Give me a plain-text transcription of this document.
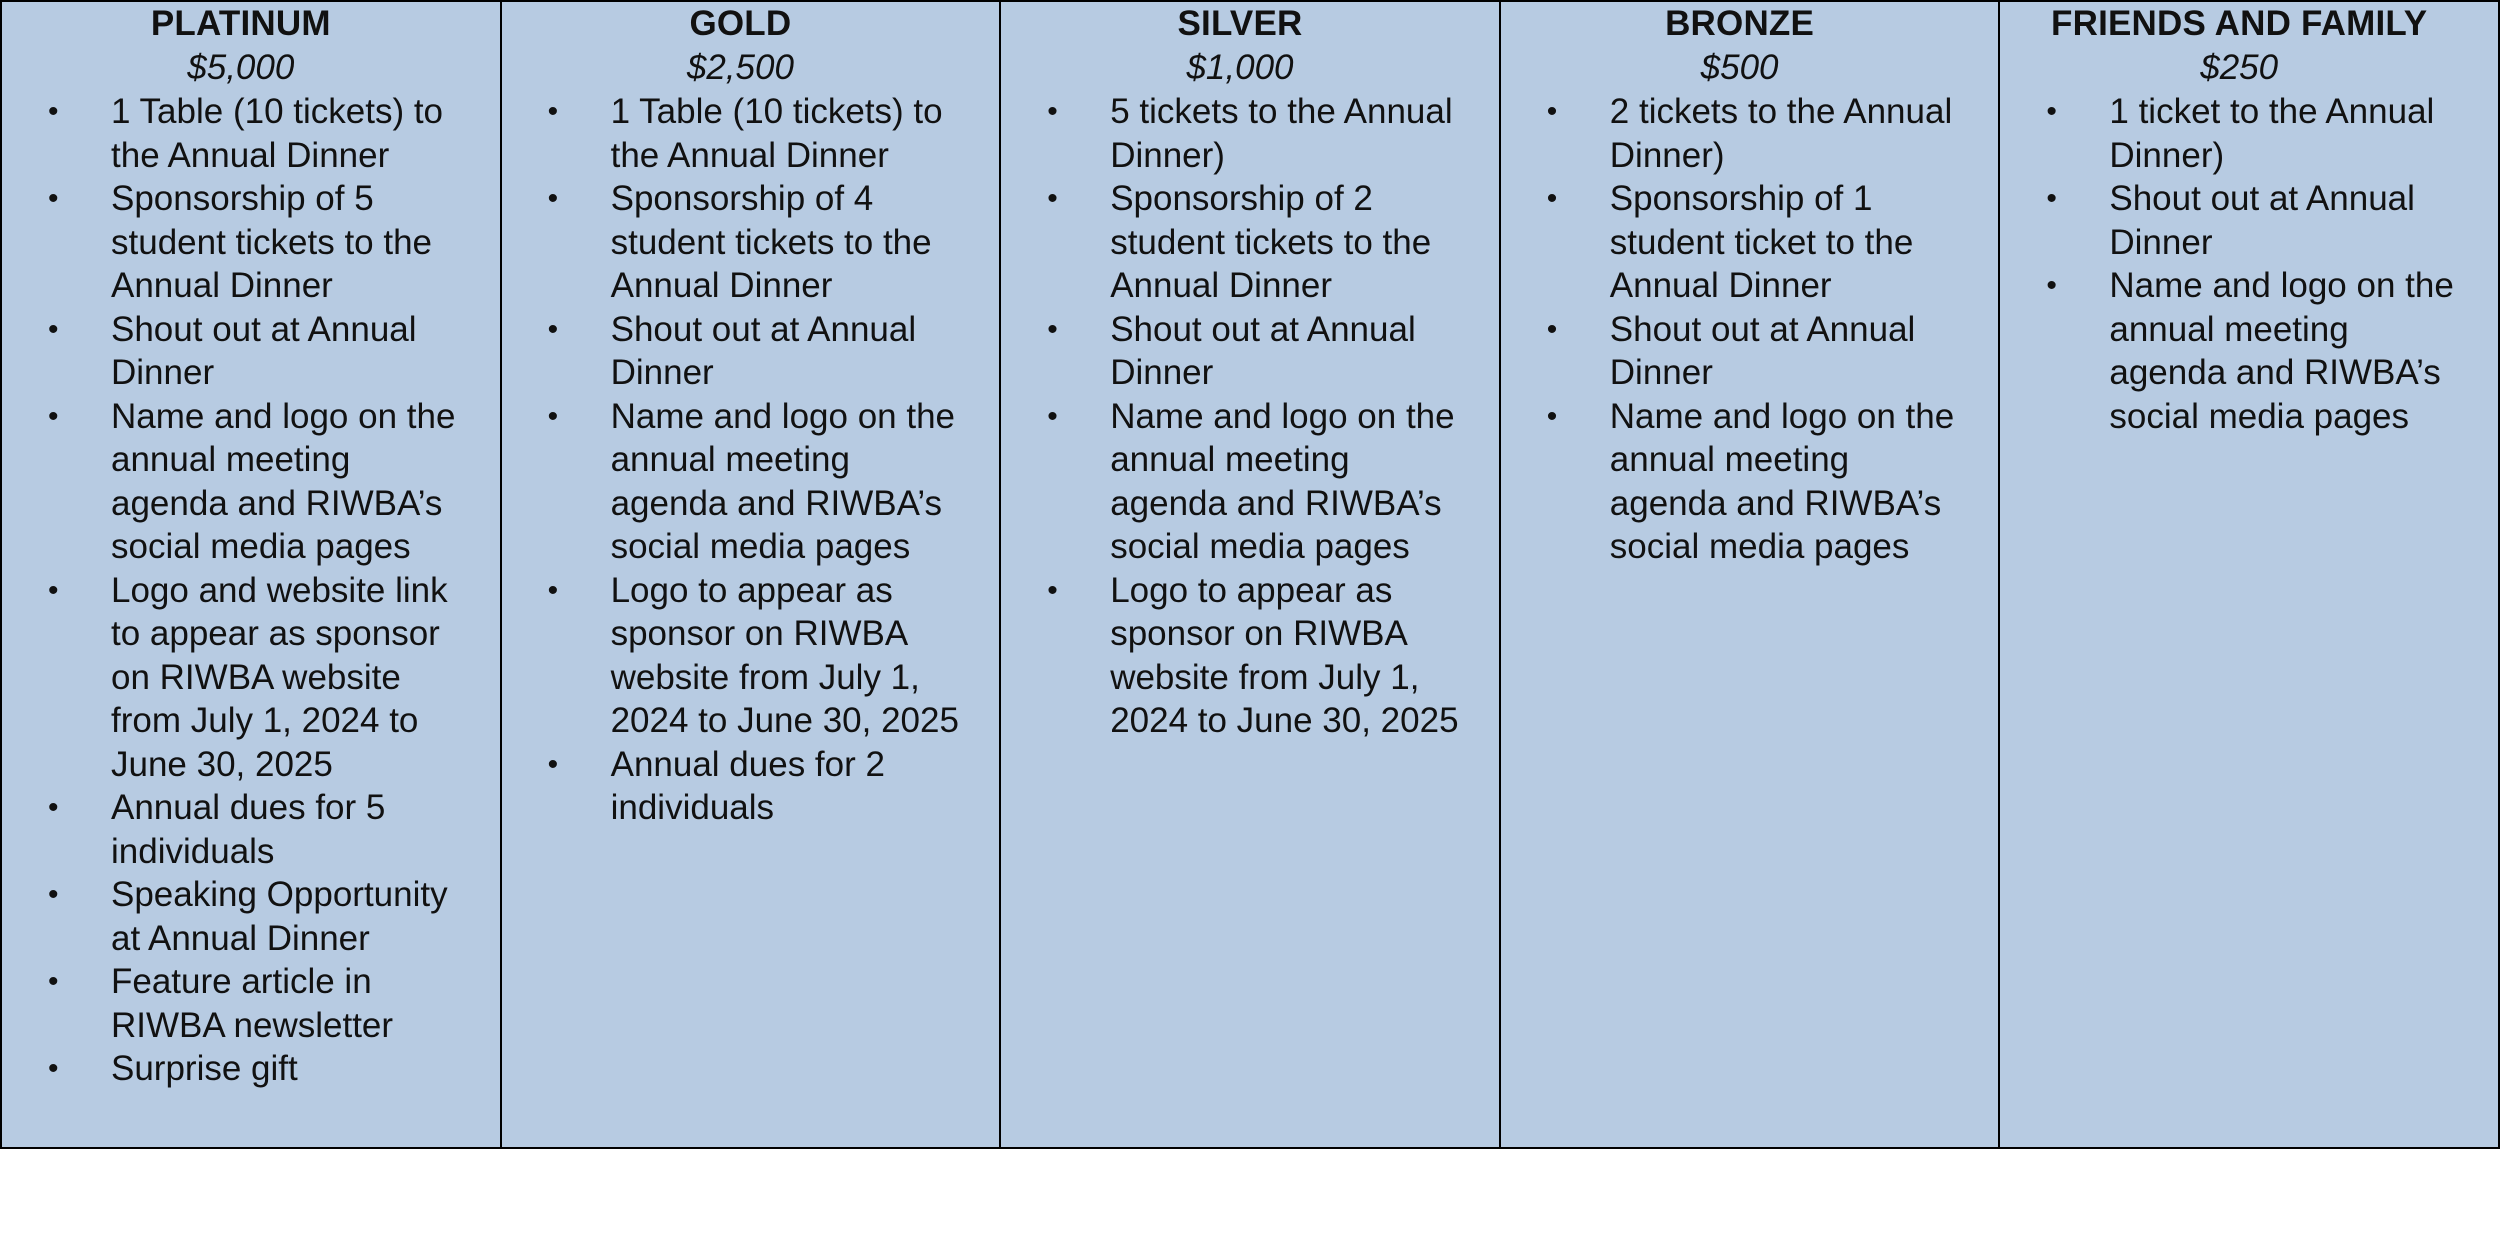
PLATINUM
$5,000
• 1 Table (10 tickets) to the Annual Dinner
• Sponsorship of 5 student tickets to the Annual Dinner
• Shout out at Annual Dinner
• Name and logo on the annual meeting agenda and RIWBA’s social media pages
• Logo and website link to appear as sponsor on RIWBA website from July 1, 2024 to June 30, 2025
• Annual dues for 5 individuals
• Speaking Opportunity at Annual Dinner
• Feature article in RIWBA newsletter
• Surprise gift
GOLD
$2,500
• 1 Table (10 tickets) to the Annual Dinner
• Sponsorship of 4 student tickets to the Annual Dinner
• Shout out at Annual Dinner
• Name and logo on the annual meeting agenda and RIWBA’s social media pages
• Logo to appear as sponsor on RIWBA website from July 1, 2024 to June 30, 2025
• Annual dues for 2 individuals
SILVER
$1,000
• 5 tickets to the Annual Dinner)
• Sponsorship of 2 student tickets to the Annual Dinner
• Shout out at Annual Dinner
• Name and logo on the annual meeting agenda and RIWBA’s social media pages
• Logo to appear as sponsor on RIWBA website from July 1, 2024 to June 30, 2025
BRONZE
$500
• 2 tickets to the Annual Dinner)
• Sponsorship of 1 student ticket to the Annual Dinner
• Shout out at Annual Dinner
• Name and logo on the annual meeting agenda and RIWBA’s social media pages
FRIENDS AND FAMILY
$250
• 1 ticket to the Annual Dinner)
• Shout out at Annual Dinner
• Name and logo on the annual meeting agenda and RIWBA’s social media pages
